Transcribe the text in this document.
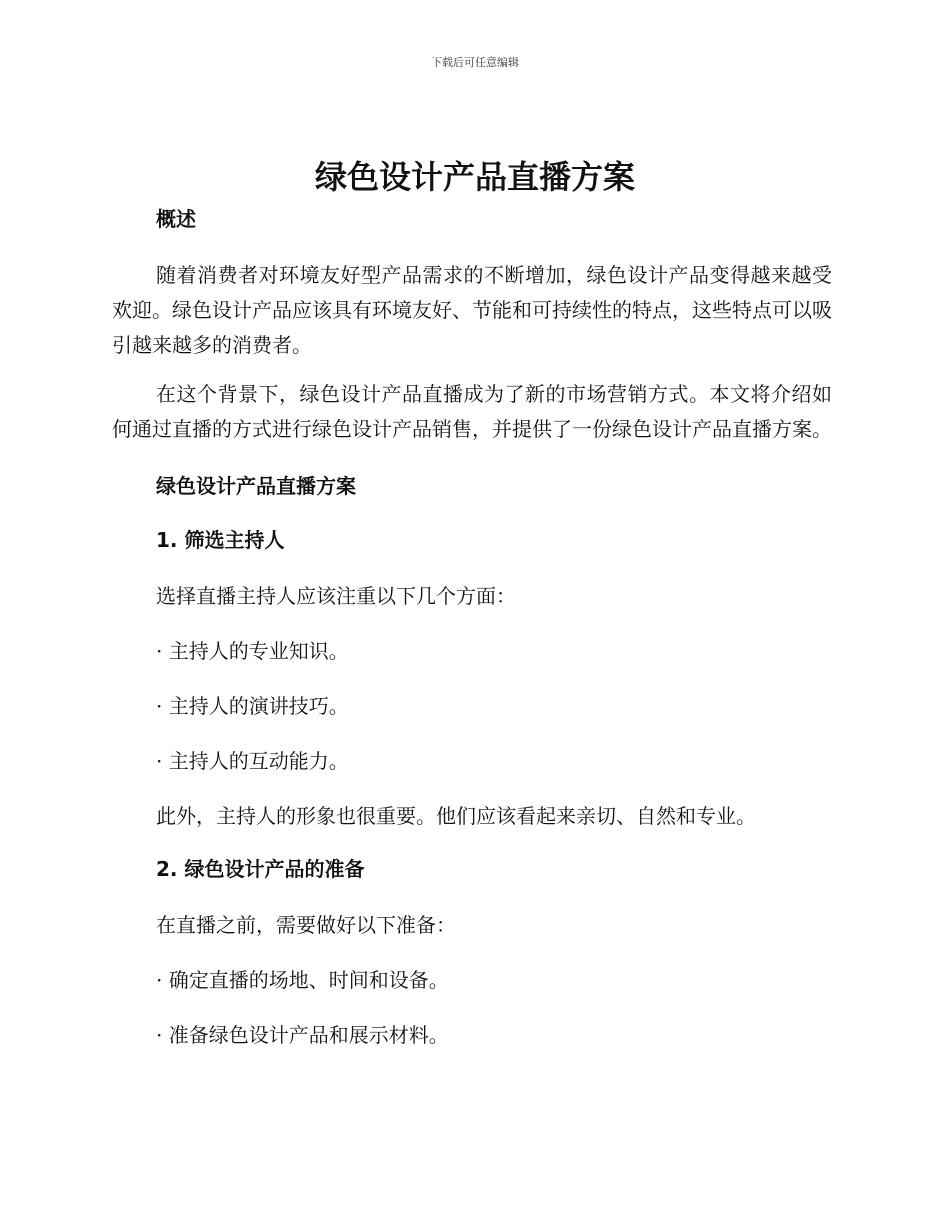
下载后可任意编辑
绿色设计产品直播方案

概述

随着消费者对环境友好型产品需求的不断增加，绿色设计产品变得越来越受欢迎。绿色设计产品应该具有环境友好、节能和可持续性的特点，这些特点可以吸引越来越多的消费者。

在这个背景下，绿色设计产品直播成为了新的市场营销方式。本文将介绍如何通过直播的方式进行绿色设计产品销售，并提供了一份绿色设计产品直播方案。

绿色设计产品直播方案

1. 筛选主持人

选择直播主持人应该注重以下几个方面：

· 主持人的专业知识。

· 主持人的演讲技巧。

· 主持人的互动能力。

此外，主持人的形象也很重要。他们应该看起来亲切、自然和专业。

2. 绿色设计产品的准备

在直播之前，需要做好以下准备：

· 确定直播的场地、时间和设备。

· 准备绿色设计产品和展示材料。
